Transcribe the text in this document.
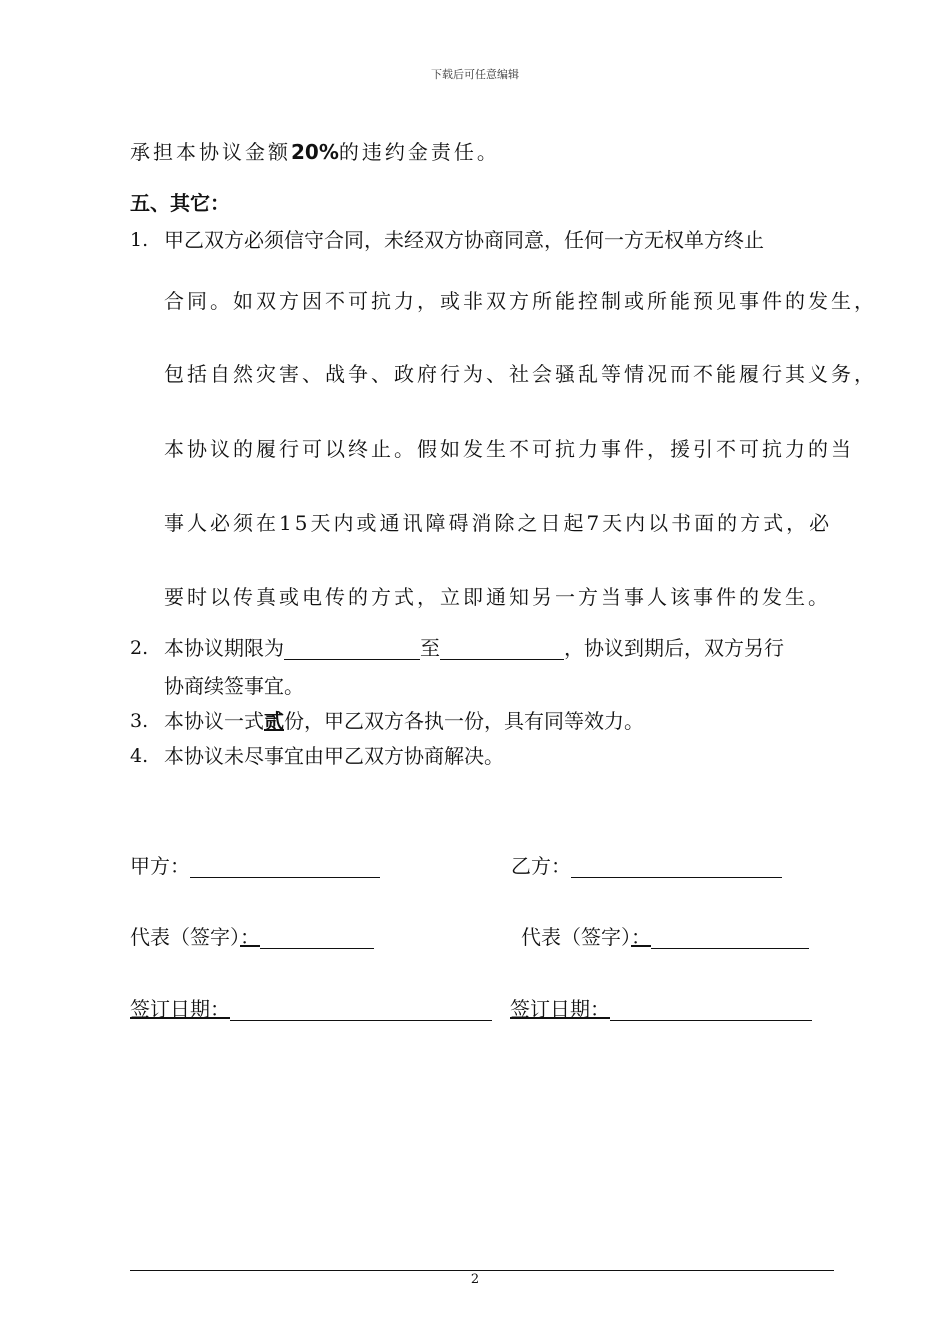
下载后可任意编辑
承担本协议金额20%的违约金责任。
五、其它：
1. 甲乙双方必须信守合同，未经双方协商同意，任何一方无权单方终止
合同。如双方因不可抗力，或非双方所能控制或所能预见事件的发生，
包括自然灾害、战争、政府行为、社会骚乱等情况而不能履行其义务，
本协议的履行可以终止。假如发生不可抗力事件，援引不可抗力的当
事人必须在15天内或通讯障碍消除之日起7天内以书面的方式，必
要时以传真或电传的方式，立即通知另一方当事人该事件的发生。
2. 本协议期限为	至	，协议到期后，双方另行
协商续签事宜。
3. 本协议一式贰份，甲乙双方各执一份，具有同等效力。
4. 本协议未尽事宜由甲乙双方协商解决。
甲方：	乙方：
代表（签字）：	代表（签字）：
签订日期：	签订日期：
2
